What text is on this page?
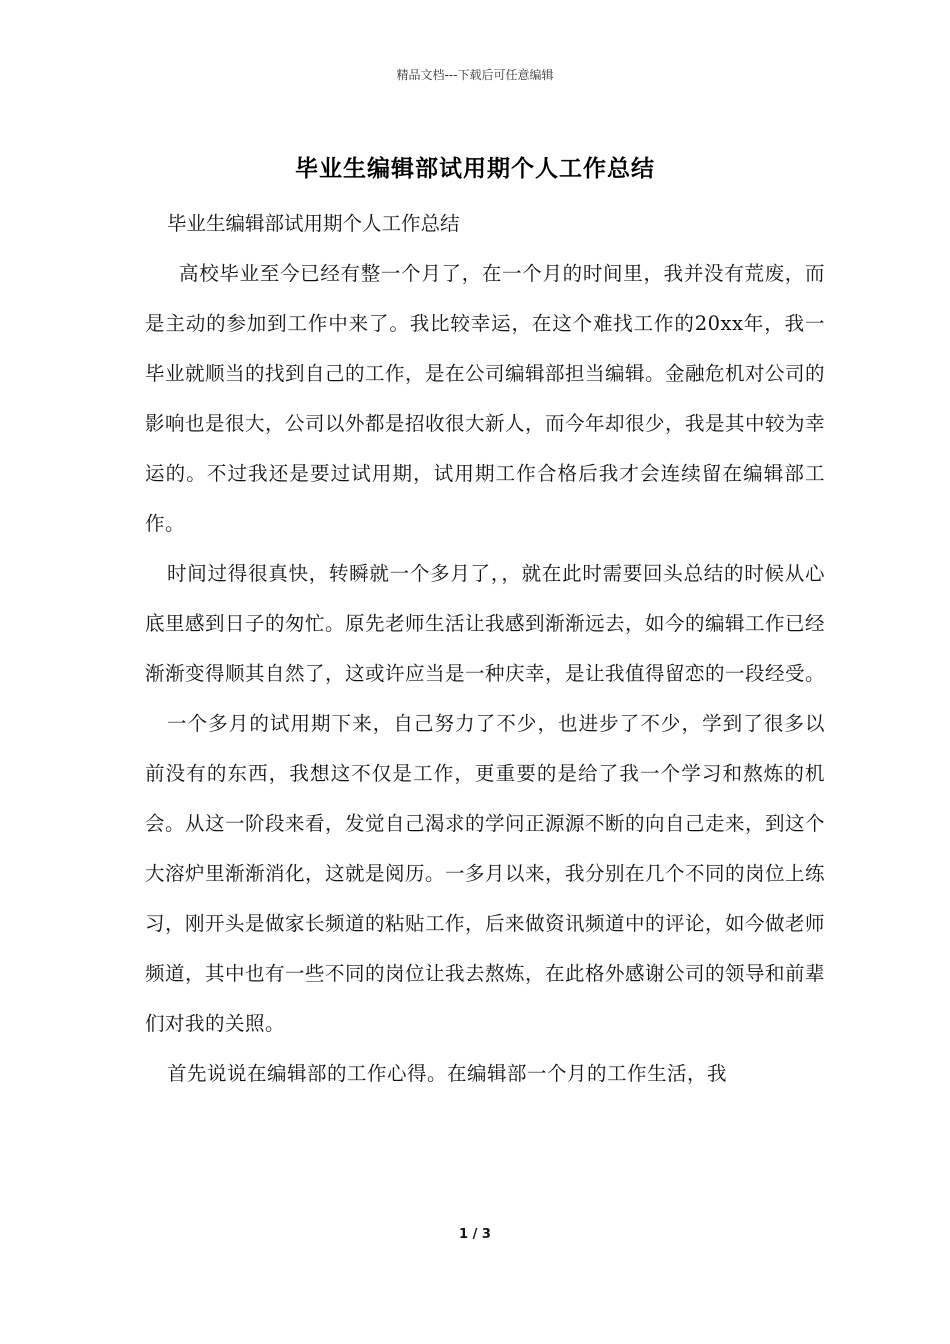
精品文档---下载后可任意编辑
毕业生编辑部试用期个人工作总结

毕业生编辑部试用期个人工作总结

高校毕业至今已经有整一个月了，在一个月的时间里，我并没有荒废，而是主动的参加到工作中来了。我比较幸运，在这个难找工作的20xx年，我一毕业就顺当的找到自己的工作，是在公司编辑部担当编辑。金融危机对公司的影响也是很大，公司以外都是招收很大新人，而今年却很少，我是其中较为幸运的。不过我还是要过试用期，试用期工作合格后我才会连续留在编辑部工作。

时间过得很真快，转瞬就一个多月了，，就在此时需要回头总结的时候从心底里感到日子的匆忙。原先老师生活让我感到渐渐远去，如今的编辑工作已经渐渐变得顺其自然了，这或许应当是一种庆幸，是让我值得留恋的一段经受。

一个多月的试用期下来，自己努力了不少，也进步了不少，学到了很多以前没有的东西，我想这不仅是工作，更重要的是给了我一个学习和熬炼的机会。从这一阶段来看，发觉自己渴求的学问正源源不断的向自己走来，到这个大溶炉里渐渐消化，这就是阅历。一多月以来，我分别在几个不同的岗位上练习，刚开头是做家长频道的粘贴工作，后来做资讯频道中的评论，如今做老师频道，其中也有一些不同的岗位让我去熬炼，在此格外感谢公司的领导和前辈们对我的关照。

首先说说在编辑部的工作心得。在编辑部一个月的工作生活，我

1 / 3
